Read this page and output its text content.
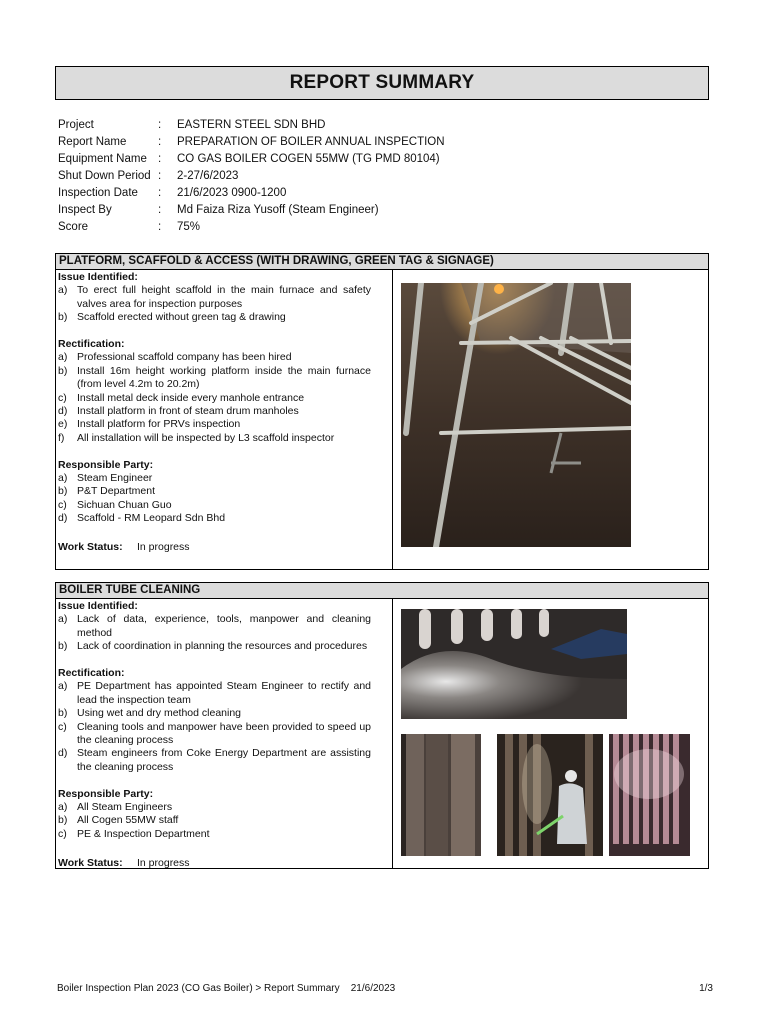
REPORT SUMMARY
Project	:	EASTERN STEEL SDN BHD
Report Name	:	PREPARATION OF BOILER ANNUAL INSPECTION
Equipment Name :	CO GAS BOILER COGEN 55MW (TG PMD 80104)
Shut Down Period :	2-27/6/2023
Inspection Date	:	21/6/2023 0900-1200
Inspect By	:	Md Faiza Riza Yusoff (Steam Engineer)
Score	:	75%
PLATFORM, SCAFFOLD & ACCESS (WITH DRAWING, GREEN TAG & SIGNAGE)
Issue Identified:
a) To erect full height scaffold in the main furnace and safety valves area for inspection purposes
b) Scaffold erected without green tag & drawing
Rectification:
a) Professional scaffold company has been hired
b) Install 16m height working platform inside the main furnace (from level 4.2m to 20.2m)
c) Install metal deck inside every manhole entrance
d) Install platform in front of steam drum manholes
e) Install platform for PRVs inspection
f)	All installation will be inspected by L3 scaffold inspector
Responsible Party:
a) Steam Engineer
b) P&T Department
c) Sichuan Chuan Guo
d) Scaffold - RM Leopard Sdn Bhd
Work Status:	In progress
BOILER TUBE CLEANING
Issue Identified:
a) Lack of data, experience, tools, manpower and cleaning method
b) Lack of coordination in planning the resources and procedures
Rectification:
a) PE Department has appointed Steam Engineer to rectify and lead the inspection team
b) Using wet and dry method cleaning
c) Cleaning tools and manpower have been provided to speed up the cleaning process
d) Steam engineers from Coke Energy Department are assisting the cleaning process
Responsible Party:
a) All Steam Engineers
b) All Cogen 55MW staff
c) PE & Inspection Department
Work Status:	In progress
Boiler Inspection Plan 2023 (CO Gas Boiler) > Report Summary    21/6/2023	1/3
